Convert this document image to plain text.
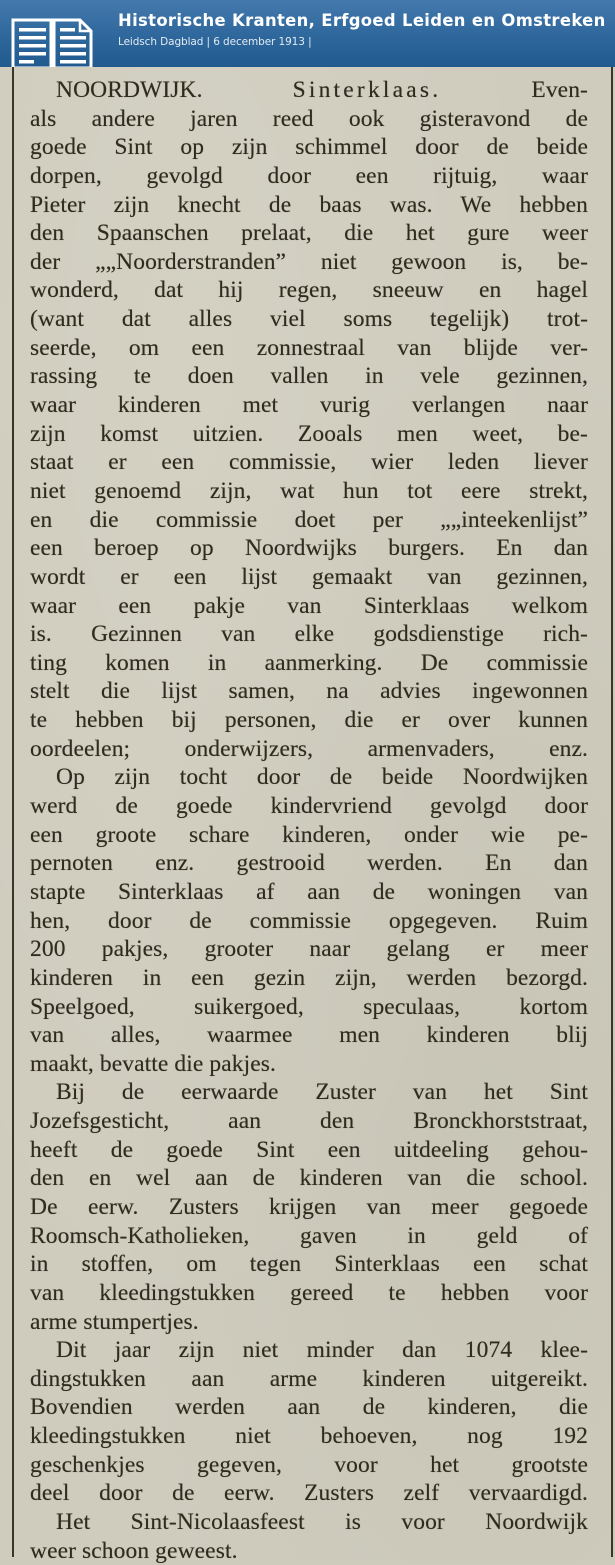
Historische Kranten, Erfgoed Leiden en Omstreken
Leidsch Dagblad | 6 december 1913 |
NOORDWIJK.	Sinterklaas.	Even-
als andere jaren reed ook gisteravond de
goede Sint op zijn schimmel door de beide
dorpen, gevolgd door een rijtuig, waar
Pieter zijn knecht de baas was. We hebben
den Spaanschen prelaat, die het gure weer
der „„Noorderstranden” niet gewoon is, be-
wonderd, dat hij regen, sneeuw en hagel
(want dat alles viel soms tegelijk) trot-
seerde, om een zonnestraal van blijde ver-
rassing te doen vallen in vele gezinnen,
waar kinderen met vurig verlangen naar
zijn komst uitzien. Zooals men weet, be-
staat er een commissie, wier leden liever
niet genoemd zijn, wat hun tot eere strekt,
en die commissie doet per „„inteekenlijst”
een beroep op Noordwijks burgers. En dan
wordt er een lijst gemaakt van gezinnen,
waar een pakje van Sinterklaas welkom
is. Gezinnen van elke godsdienstige rich-
ting komen in aanmerking. De commissie
stelt die lijst samen, na advies ingewonnen
te hebben bij personen, die er over kunnen
oordeelen; onderwijzers, armenvaders, enz.
Op zijn tocht door de beide Noordwijken
werd de goede kindervriend gevolgd door
een groote schare kinderen, onder wie pe-
pernoten enz. gestrooid werden. En dan
stapte Sinterklaas af aan de woningen van
hen, door de commissie opgegeven. Ruim
200 pakjes, grooter naar gelang er meer
kinderen in een gezin zijn, werden bezorgd.
Speelgoed, suikergoed, speculaas, kortom
van alles, waarmee men kinderen blij
maakt, bevatte die pakjes.
Bij de eerwaarde Zuster van het Sint
Jozefsgesticht, aan den Bronckhorststraat,
heeft de goede Sint een uitdeeling gehou-
den en wel aan de kinderen van die school.
De eerw. Zusters krijgen van meer gegoede
Roomsch-Katholieken, gaven in geld of
in stoffen, om tegen Sinterklaas een schat
van kleedingstukken gereed te hebben voor
arme stumpertjes.
Dit jaar zijn niet minder dan 1074 klee-
dingstukken aan arme kinderen uitgereikt.
Bovendien werden aan de kinderen, die
kleedingstukken niet behoeven, nog 192
geschenkjes gegeven, voor het grootste
deel door de eerw. Zusters zelf vervaardigd.
Het Sint-Nicolaasfeest is voor Noordwijk
weer schoon geweest.
